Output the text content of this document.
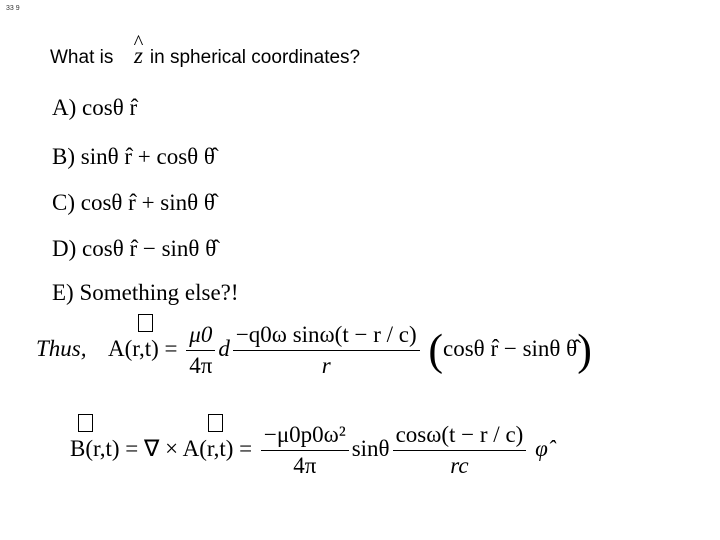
33 9
What is  in spherical coordinates?
^ z
A) cosθ r̂
B) sinθ r̂ + cosθ θ̂
C) cosθ r̂ + sinθ θ̂
D) cosθ r̂ − sinθ θ̂
E) Something else?!
Thus, $A(r,t) = \frac{\mu 0}{4\pi}$ d $\frac{\text{−q0ω sinω(t − r / c)}}{r} (\cos\theta$ r̂ − sinθ θ̂)
B(r,t) = ∇ × $A(r,t) = \frac{\text{−μ0p0ω²}}{4\pi}$ sinθ $\frac{\cos\omega(t - r / c)}{rc}$ φ̂
